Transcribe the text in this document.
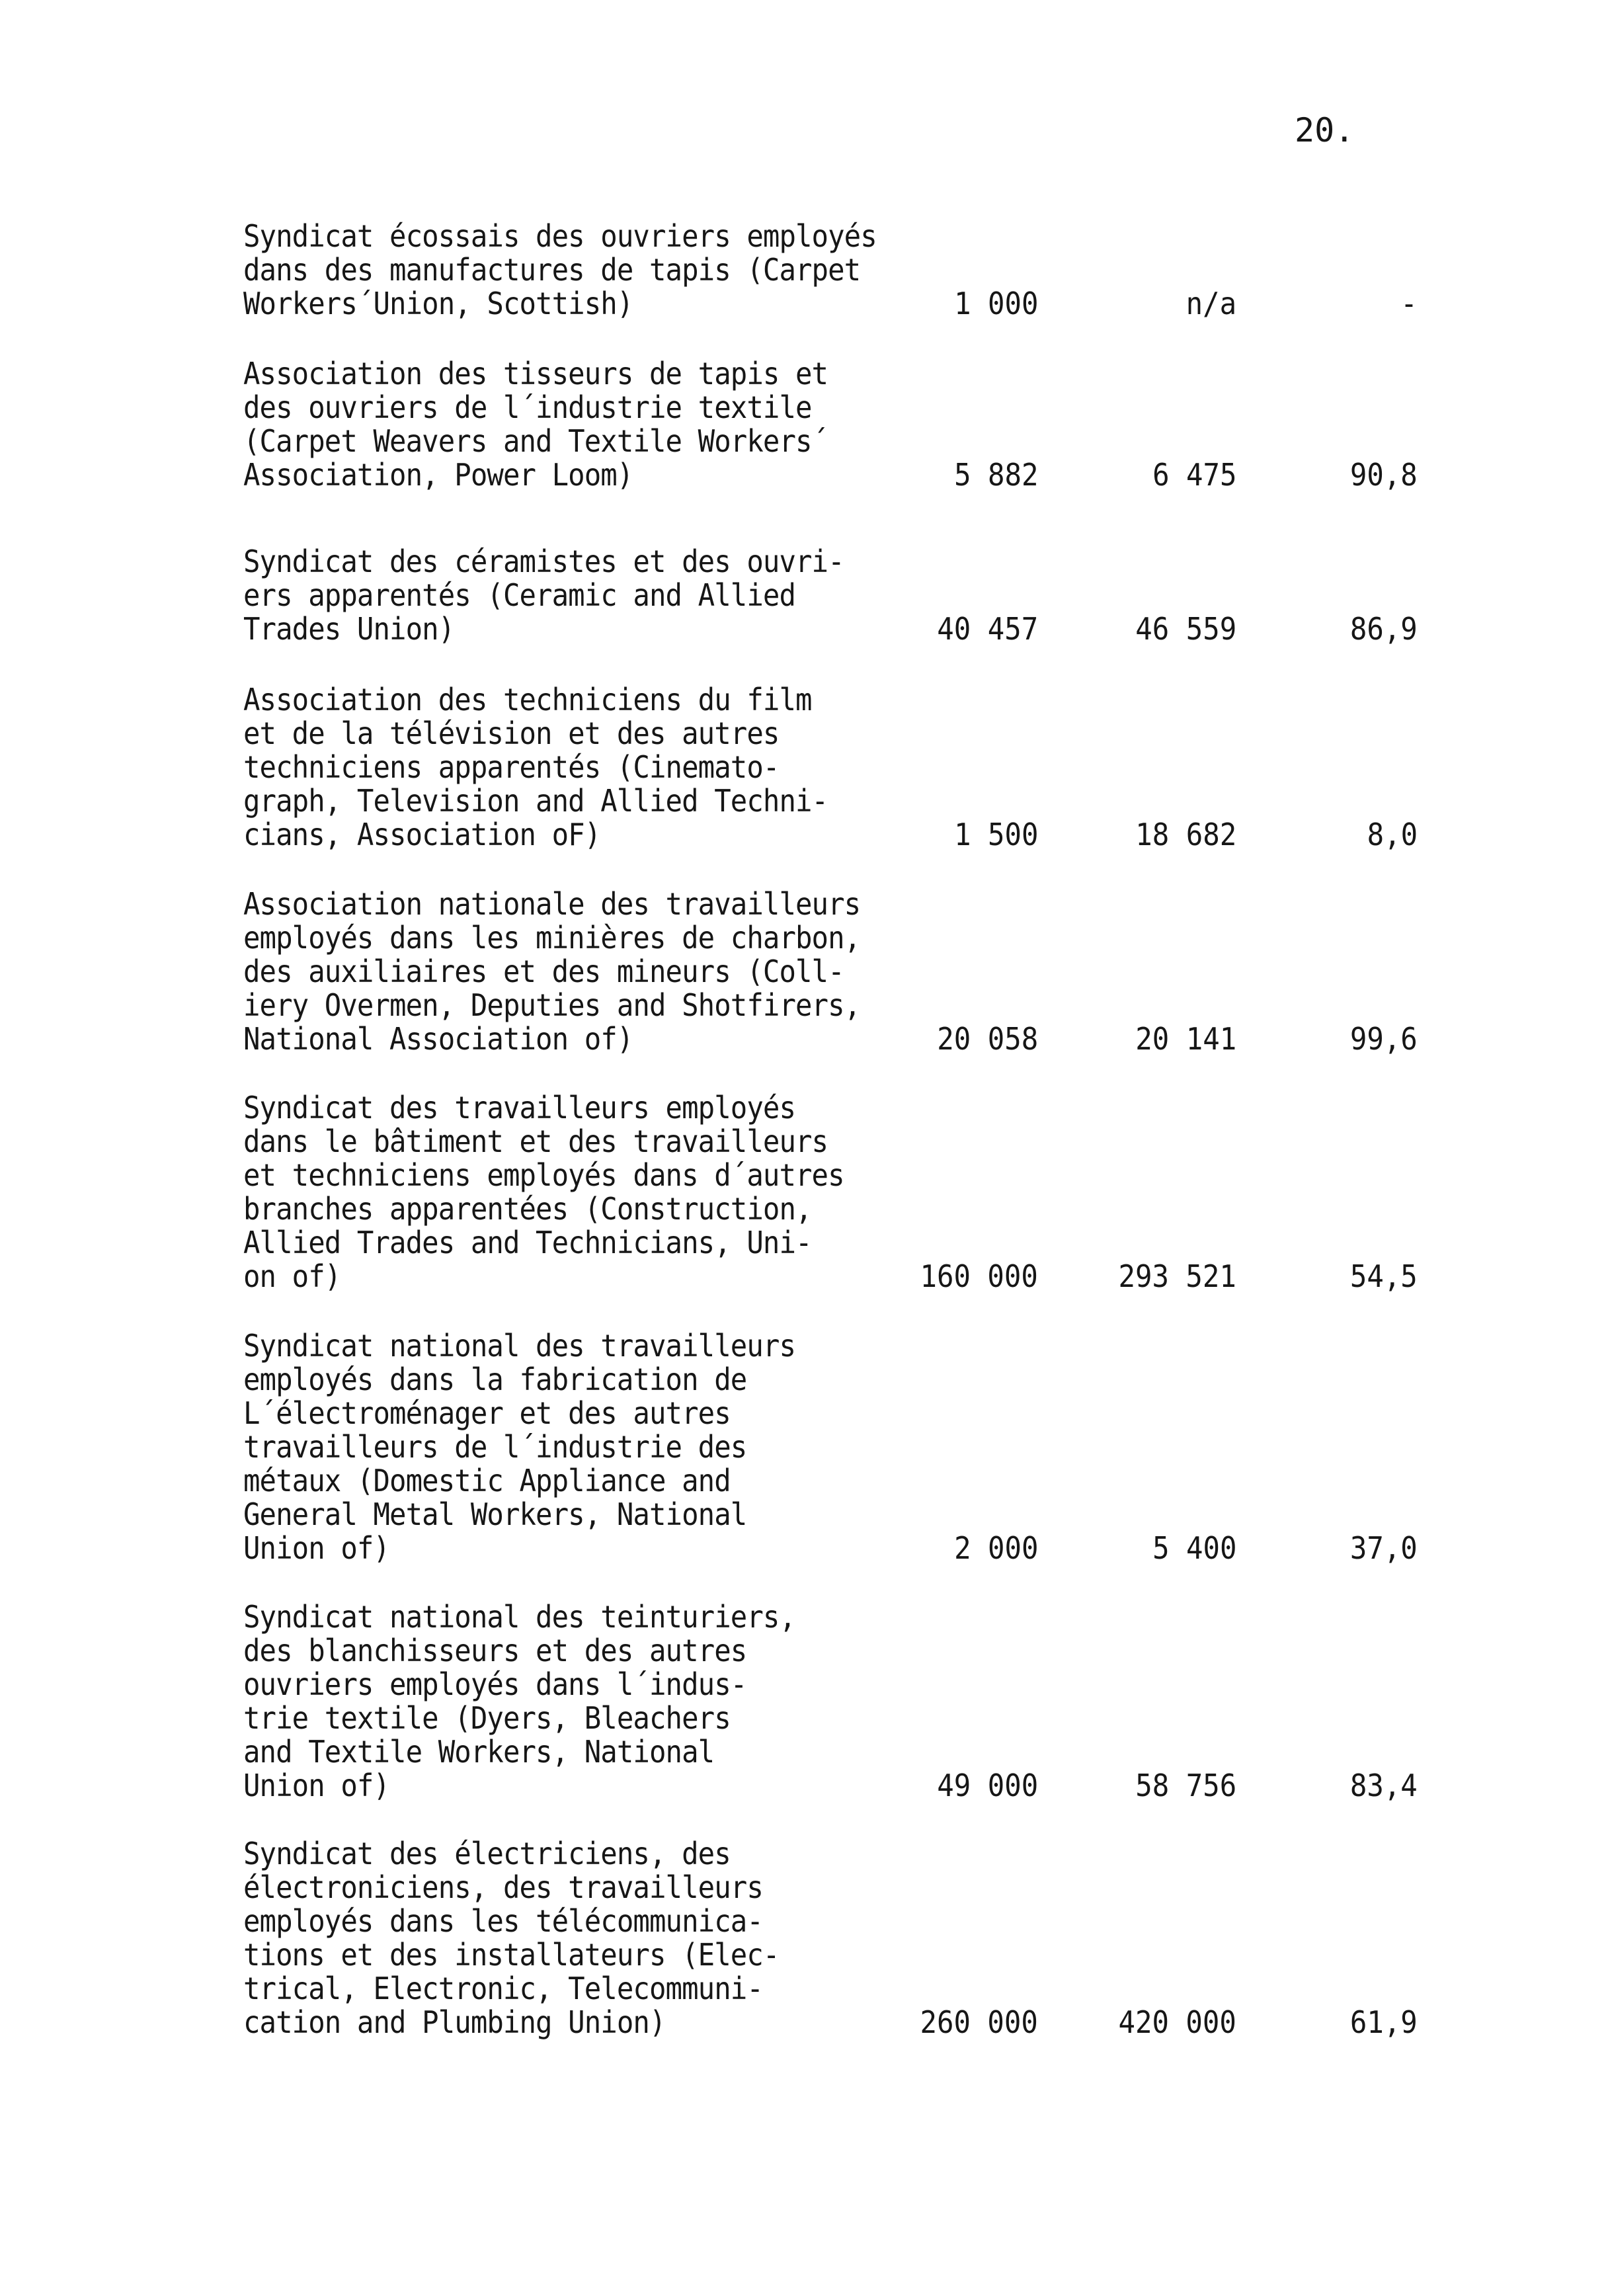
20.
Syndicat écossais des ouvriers employés
dans des manufactures de tapis (Carpet
Workers´Union, Scottish)	1 000	n/a	-
Association des tisseurs de tapis et
des ouvriers de l´industrie textile
(Carpet Weavers and Textile Workers´
Association, Power Loom)	5 882	6 475	90,8
Syndicat des céramistes et des ouvri-
ers apparentés (Ceramic and Allied
Trades Union)	40 457	46 559	86,9
Association des techniciens du film
et de la télévision et des autres
techniciens apparentés (Cinemato-
graph, Television and Allied Techni-
cians, Association oF)	1 500	18 682	8,0
Association nationale des travailleurs
employés dans les minières de charbon,
des auxiliaires et des mineurs (Coll-
iery Overmen, Deputies and Shotfirers,
National Association of)	20 058	20 141	99,6
Syndicat des travailleurs employés
dans le bâtiment et des travailleurs
et techniciens employés dans d´autres
branches apparentées (Construction,
Allied Trades and Technicians, Uni-
on of)	160 000	293 521	54,5
Syndicat national des travailleurs
employés dans la fabrication de
L´électroménager et des autres
travailleurs de l´industrie des
métaux (Domestic Appliance and
General Metal Workers, National
Union of)	2 000	5 400	37,0
Syndicat national des teinturiers,
des blanchisseurs et des autres
ouvriers employés dans l´indus-
trie textile (Dyers, Bleachers
and Textile Workers, National
Union of)	49 000	58 756	83,4
Syndicat des électriciens, des
électroniciens, des travailleurs
employés dans les télécommunica-
tions et des installateurs (Elec-
trical, Electronic, Telecommuni-
cation and Plumbing Union)	260 000	420 000	61,9
